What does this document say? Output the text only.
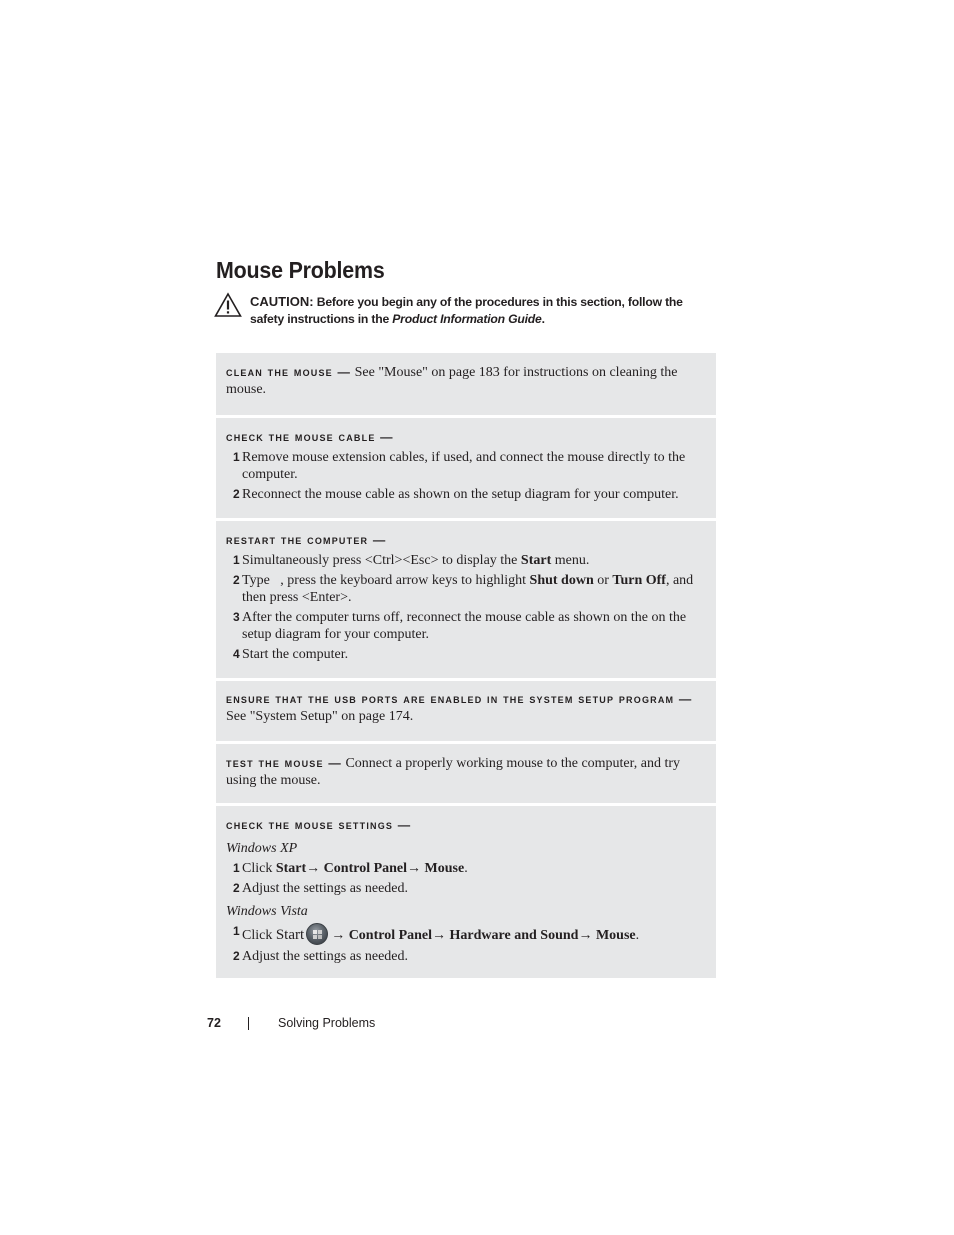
Mouse Problems
CAUTION: Before you begin any of the procedures in this section, follow the safety instructions in the Product Information Guide.

clean the mouse — See "Mouse" on page 183 for instructions on cleaning the mouse.

check the mouse cable —
1 Remove mouse extension cables, if used, and connect the mouse directly to the computer.
2 Reconnect the mouse cable as shown on the setup diagram for your computer.
restart the computer —
1 Simultaneously press <Ctrl><Esc> to display the Start menu.
2 Type u, press the keyboard arrow keys to highlight Shut down or Turn Off, and then press <Enter>.
3 After the computer turns off, reconnect the mouse cable as shown on the on the setup diagram for your computer.
4 Start the computer.

ensure that the usb ports are enabled in the system setup program — See "System Setup" on page 174.

test the mouse — Connect a properly working mouse to the computer, and try using the mouse.

check the mouse settings —
Windows XP
1 Click Start→ Control Panel→ Mouse.
2 Adjust the settings as needed.
Windows Vista
1 Click Start → Control Panel→ Hardware and Sound→ Mouse.
2 Adjust the settings as needed.
72	Solving Problems
